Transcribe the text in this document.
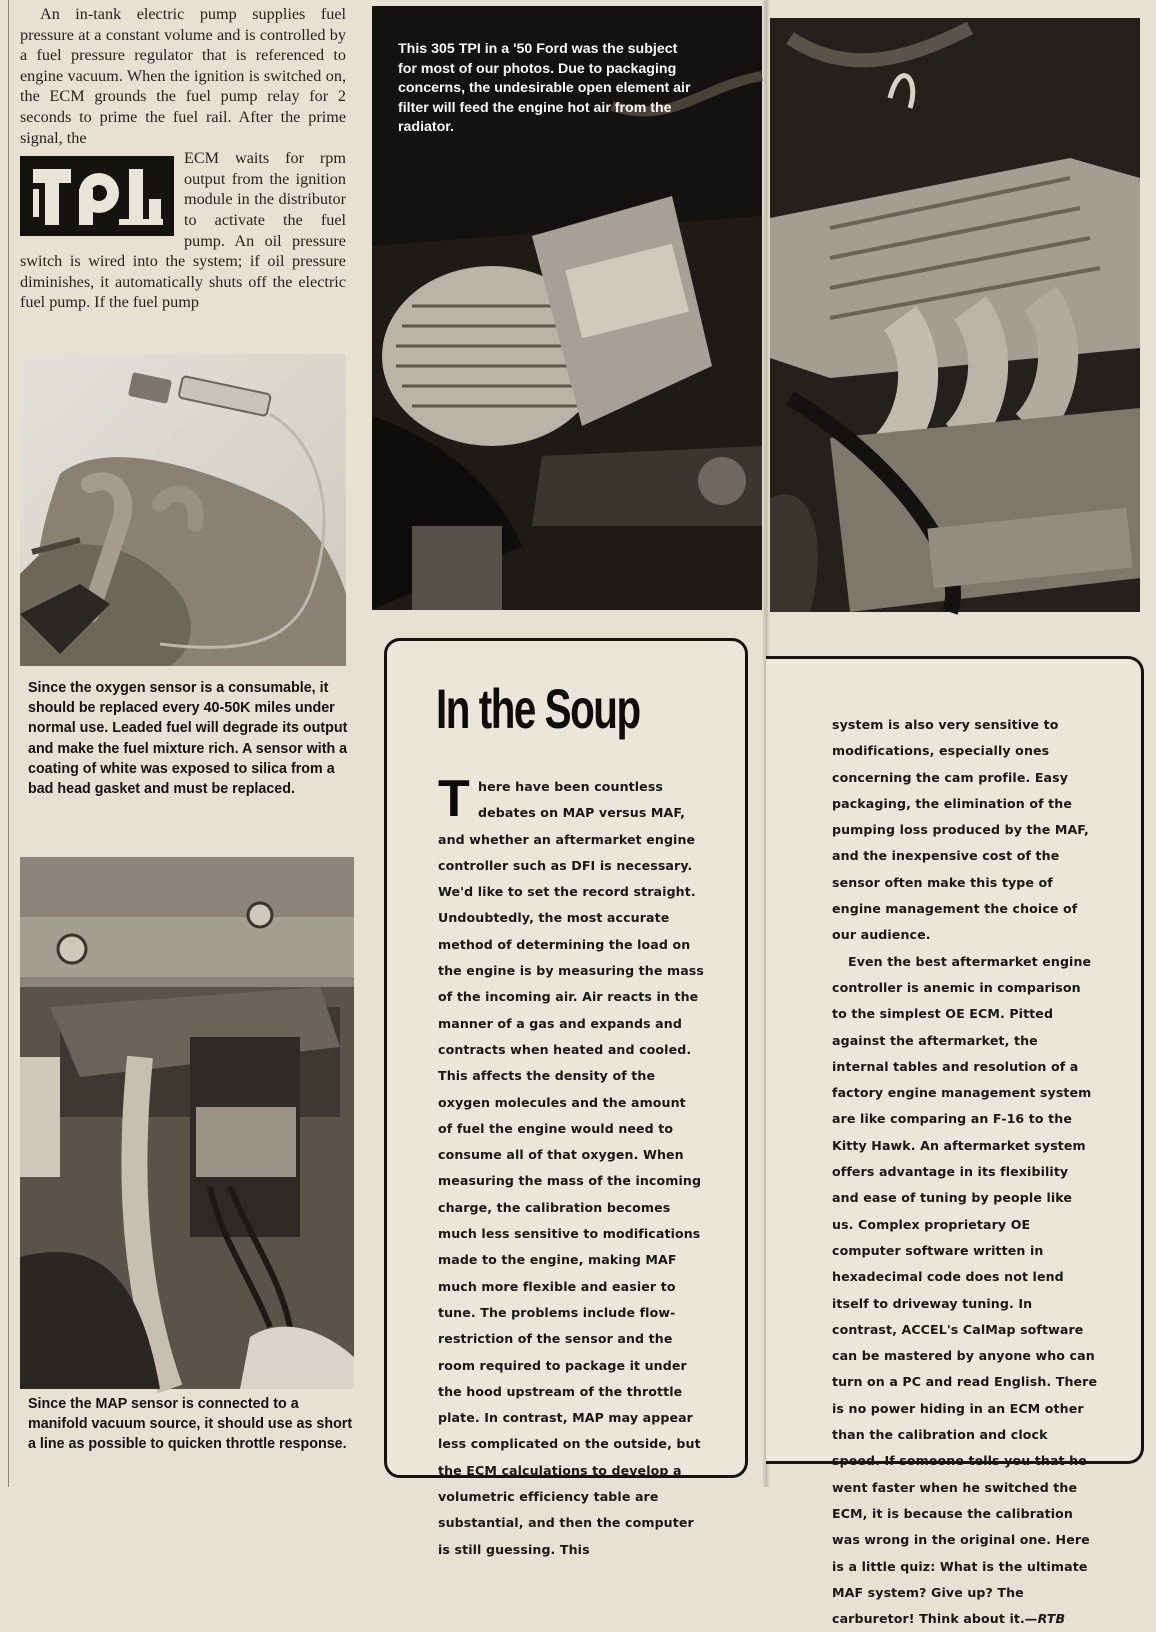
An in-tank electric pump supplies fuel pressure at a constant volume and is controlled by a fuel pressure regulator that is referenced to engine vacuum. When the ignition is switched on, the ECM grounds the fuel pump relay for 2 seconds to prime the fuel rail. After the prime signal, the

ECM waits for rpm output from the ignition module in the distributor to activate the fuel pump. An oil pressure switch is wired into the system; if oil pressure diminishes, it automatically shuts off the electric fuel pump. If the fuel pump

Since the oxygen sensor is a consumable, it should be replaced every 40-50K miles under normal use. Leaded fuel will degrade its output and make the fuel mixture rich. A sensor with a coating of white was exposed to silica from a bad head gasket and must be replaced.
Since the MAP sensor is connected to a manifold vacuum source, it should use as short a line as possible to quicken throttle response.
This 305 TPI in a '50 Ford was the subject for most of our photos. Due to packaging concerns, the undesirable open element air filter will feed the engine hot air from the radiator.
In the Soup
T here have been countless debates on MAP versus MAF, and whether an aftermarket engine controller such as DFI is necessary. We'd like to set the record straight. Undoubtedly, the most accurate method of determining the load on the engine is by measuring the mass of the incoming air. Air reacts in the manner of a gas and expands and contracts when heated and cooled. This affects the density of the oxygen molecules and the amount of fuel the engine would need to consume all of that oxygen. When measuring the mass of the incoming charge, the calibration becomes much less sensitive to modifications made to the engine, making MAF much more flexible and easier to tune. The problems include flow-restriction of the sensor and the room required to package it under the hood upstream of the throttle plate. In contrast, MAP may appear less complicated on the outside, but the ECM calculations to develop a volumetric efficiency table are substantial, and then the computer is still guessing. This

system is also very sensitive to modifications, especially ones concerning the cam profile. Easy packaging, the elimination of the pumping loss produced by the MAF, and the inexpensive cost of the sensor often make this type of engine management the choice of our audience.

Even the best aftermarket engine controller is anemic in comparison to the simplest OE ECM. Pitted against the aftermarket, the internal tables and resolution of a factory engine management system are like comparing an F-16 to the Kitty Hawk. An aftermarket system offers advantage in its flexibility and ease of tuning by people like us. Complex proprietary OE computer software written in hexadecimal code does not lend itself to driveway tuning. In contrast, ACCEL's CalMap software can be mastered by anyone who can turn on a PC and read English. There is no power hiding in an ECM other than the calibration and clock speed. If someone tells you that he went faster when he switched the ECM, it is because the calibration was wrong in the original one. Here is a little quiz: What is the ultimate MAF system? Give up? The carburetor! Think about it.—RTB
